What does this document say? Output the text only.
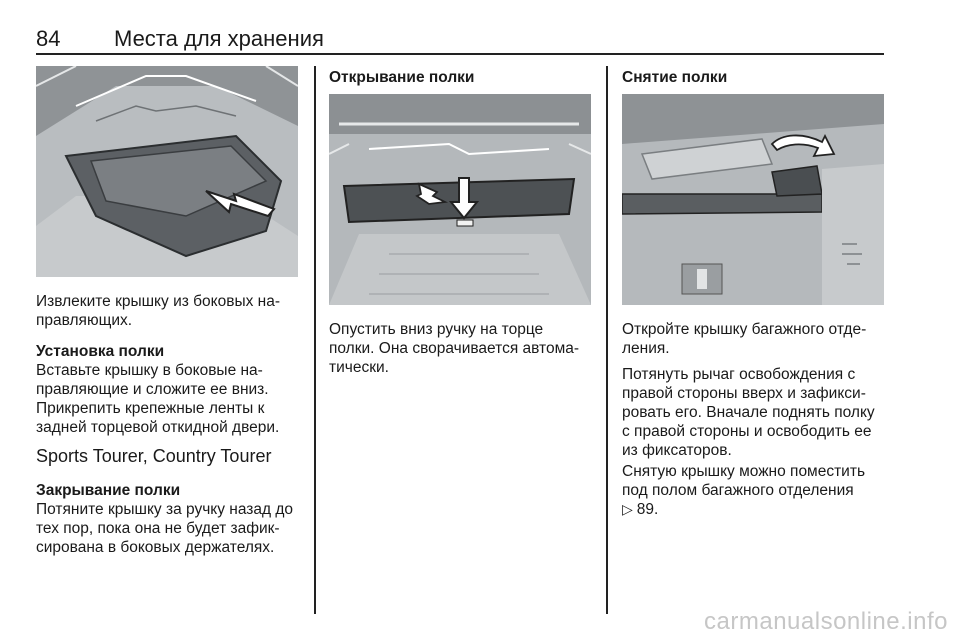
84 Места для хранения
Извлеките крышку из боковых на-
правляющих.
Установка полки
Вставьте крышку в боковые на-
правляющие и сложите ее вниз.
Прикрепить крепежные ленты к
задней торцевой откидной двери.
Sports Tourer, Country Tourer
Закрывание полки
Потяните крышку за ручку назад до
тех пор, пока она не будет зафик-
сирована в боковых держателях.
Открывание полки
Опустить вниз ручку на торце
полки. Она сворачивается автома-
тически.
Снятие полки
Откройте крышку багажного отде-
ления.
Потянуть рычаг освобождения с
правой стороны вверх и зафикси-
ровать его. Вначале поднять полку
с правой стороны и освободить ее
из фиксаторов.
Снятую крышку можно поместить
под полом багажного отделения
▷ 89.
carmanualsonline.info
